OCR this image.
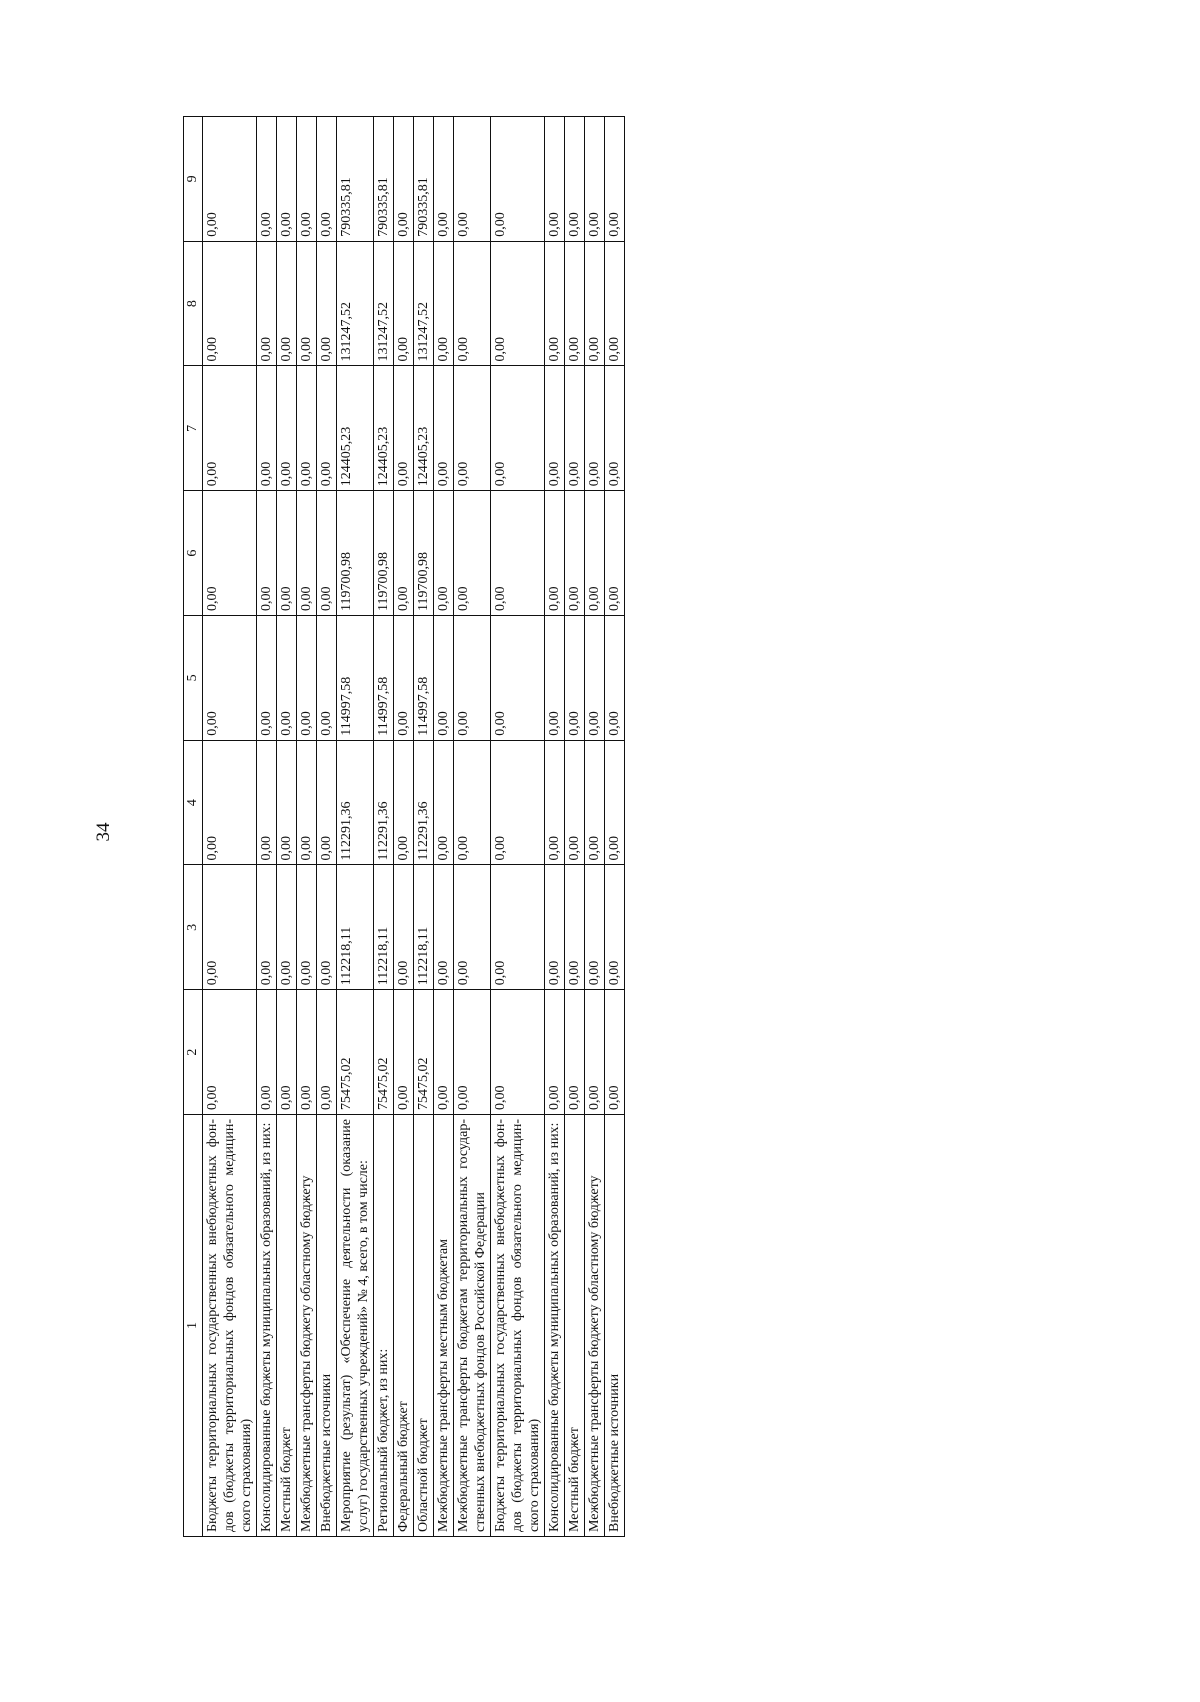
34
1	2	3	4	5	6	7	8	9
Бюджеты территориальных государственных внебюджетных фон-дов (бюджеты территориальных фондов обязательного медицин-ского страхования)	0,00	0,00	0,00	0,00	0,00	0,00	0,00	0,00
Консолидированные бюджеты муниципальных образований, из них:	0,00	0,00	0,00	0,00	0,00	0,00	0,00	0,00
Местный бюджет	0,00	0,00	0,00	0,00	0,00	0,00	0,00	0,00
Межбюджетные трансферты бюджету областному бюджету	0,00	0,00	0,00	0,00	0,00	0,00	0,00	0,00
Внебюджетные источники	0,00	0,00	0,00	0,00	0,00	0,00	0,00	0,00
Мероприятие (результат) «Обеспечение деятельности (оказание услуг) государственных учреждений» № 4, всего, в том числе:	75475,02	112218,11	112291,36	114997,58	119700,98	124405,23	131247,52	790335,81
Региональный бюджет, из них:	75475,02	112218,11	112291,36	114997,58	119700,98	124405,23	131247,52	790335,81
Федеральный бюджет	0,00	0,00	0,00	0,00	0,00	0,00	0,00	0,00
Областной бюджет	75475,02	112218,11	112291,36	114997,58	119700,98	124405,23	131247,52	790335,81
Межбюджетные трансферты местным бюджетам	0,00	0,00	0,00	0,00	0,00	0,00	0,00	0,00
Межбюджетные трансферты бюджетам территориальных государ-ственных внебюджетных фондов Российской Федерации	0,00	0,00	0,00	0,00	0,00	0,00	0,00	0,00
Бюджеты территориальных государственных внебюджетных фон-дов (бюджеты территориальных фондов обязательного медицин-ского страхования)	0,00	0,00	0,00	0,00	0,00	0,00	0,00	0,00
Консолидированные бюджеты муниципальных образований, из них:	0,00	0,00	0,00	0,00	0,00	0,00	0,00	0,00
Местный бюджет	0,00	0,00	0,00	0,00	0,00	0,00	0,00	0,00
Межбюджетные трансферты бюджету областному бюджету	0,00	0,00	0,00	0,00	0,00	0,00	0,00	0,00
Внебюджетные источники	0,00	0,00	0,00	0,00	0,00	0,00	0,00	0,00
